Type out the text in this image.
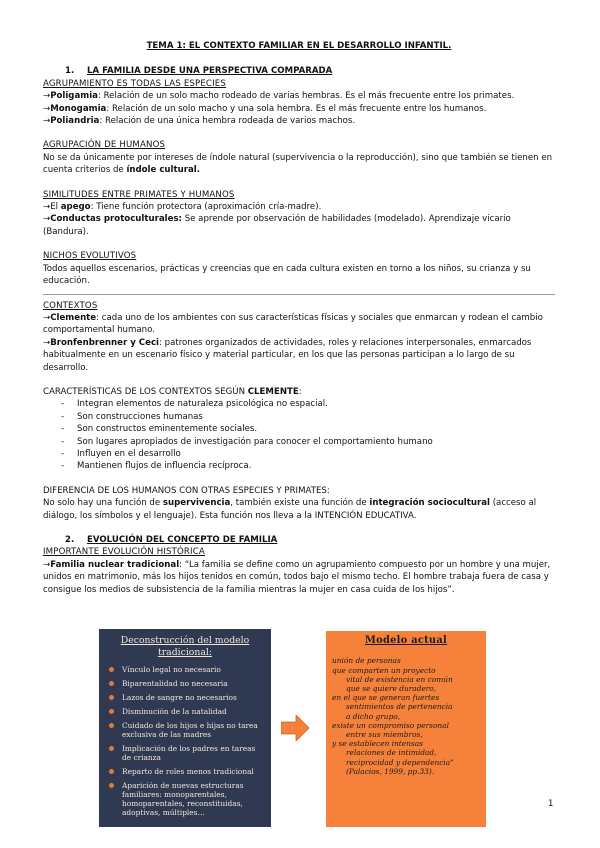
TEMA 1: EL CONTEXTO FAMILIAR EN EL DESARROLLO INFANTIL.
1. LA FAMILIA DESDE UNA PERSPECTIVA COMPARADA
AGRUPAMIENTO ES TODAS LAS ESPECIES

→Poligamia: Relación de un solo macho rodeado de varias hembras. Es el más frecuente entre los primates.

→Monogamia: Relación de un solo macho y una sola hembra. Es el más frecuente entre los humanos.

→Poliandria: Relación de una única hembra rodeada de varios machos.

AGRUPACIÓN DE HUMANOS

No se da únicamente por intereses de índole natural (supervivencia o la reproducción), sino que también se tienen en cuenta criterios de índole cultural.

SIMILITUDES ENTRE PRIMATES Y HUMANOS

→El apego: Tiene función protectora (aproximación cría-madre).

→Conductas protoculturales: Se aprende por observación de habilidades (modelado). Aprendizaje vicario (Bandura).

NICHOS EVOLUTIVOS

Todos aquellos escenarios, prácticas y creencias que en cada cultura existen en torno a los niños, su crianza y su educación.

CONTEXTOS

→Clemente: cada uno de los ambientes con sus características físicas y sociales que enmarcan y rodean el cambio comportamental humano.

→Bronfenbrenner y Ceci: patrones organizados de actividades, roles y relaciones interpersonales, enmarcados habitualmente en un escenario físico y material particular, en los que las personas participan a lo largo de su desarrollo.

CARACTERÍSTICAS DE LOS CONTEXTOS SEGÚN CLEMENTE:

- Integran elementos de naturaleza psicológica no espacial.
- Son construcciones humanas
- Son constructos eminentemente sociales.
- Son lugares apropiados de investigación para conocer el comportamiento humano
- Influyen en el desarrollo
- Mantienen flujos de influencia recíproca.

DIFERENCIA DE LOS HUMANOS CON OTRAS ESPECIES Y PRIMATES:

No solo hay una función de supervivencia, también existe una función de integración sociocultural (acceso al diálogo, los símbolos y el lenguaje). Esta función nos lleva a la INTENCIÓN EDUCATIVA.

2. EVOLUCIÓN DEL CONCEPTO DE FAMILIA
IMPORTANTE EVOLUCIÓN HISTÓRICA

→Familia nuclear tradicional: “La familia se define como un agrupamiento compuesto por un hombre y una mujer, unidos en matrimonio, más los hijos tenidos en común, todos bajo el mismo techo. El hombre trabaja fuera de casa y consigue los medios de subsistencia de la familia mientras la mujer en casa cuida de los hijos”.

Deconstrucción del modelo tradicional:
Vínculo legal no necesario
Biparentalidad no necesaria
Lazos de sangre no necesarios
Disminución de la natalidad
Cuidado de los hijos e hijas no tarea exclusiva de las madres
Implicación de los padres en tareas de crianza
Reparto de roles menos tradicional
Aparición de nuevas estructuras familiares: monoparentales, homoparentales, reconstituidas, adoptivas, múltiples…
Modelo actual

unión de personas

que comparten un proyecto

vital de existencia en común

que se quiere duradero,

en el que se generan fuertes

sentimientos de pertenencia

a dicho grupo,

existe un compromiso personal

entre sus miembros,

y se establecen intensas

relaciones de intimidad,

reciprocidad y dependencia”

(Palacios, 1999, pp.33).

1
